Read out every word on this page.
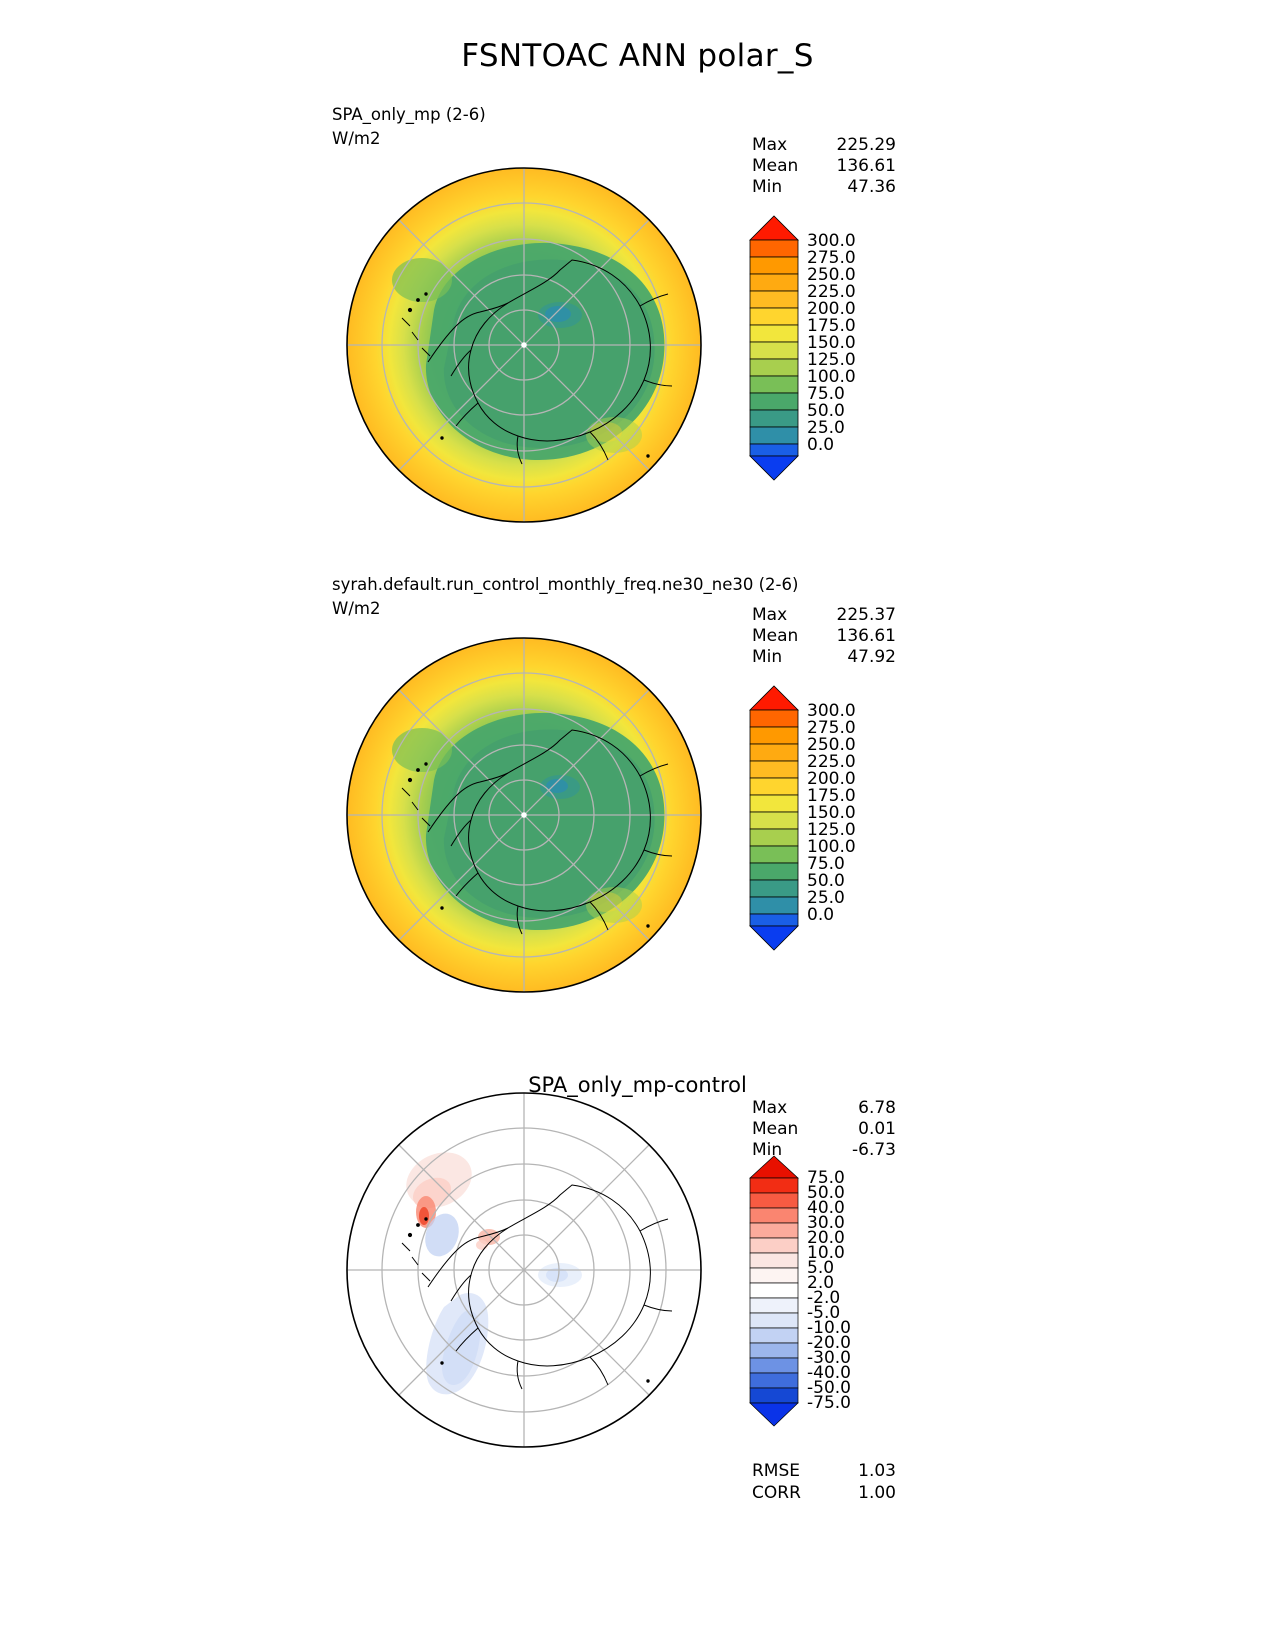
FSNTOAC ANN polar_S
SPA_only_mp (2-6)
W/m2	Max	225.29
Mean	136.61
Min	47.36
300.0
275.0
250.0
225.0
200.0
175.0
150.0
125.0
100.0
75.0
50.0
25.0
0.0
syrah.default.run_control_monthly_freq.ne30_ne30 (2-6)
W/m2	Max	225.37
Mean	136.61
Min	47.92
300.0
275.0
250.0
225.0
200.0
175.0
150.0
125.0
100.0
75.0
50.0
25.0
0.0
SPA_only_mp-control
Max	6.78
Mean	0.01
Min	-6.73
75.0
50.0
40.0
30.0
20.0
10.0
5.0
2.0
-2.0
-5.0
-10.0
-20.0
-30.0
-40.0
-50.0
-75.0
RMSE	1.03
CORR	1.00
